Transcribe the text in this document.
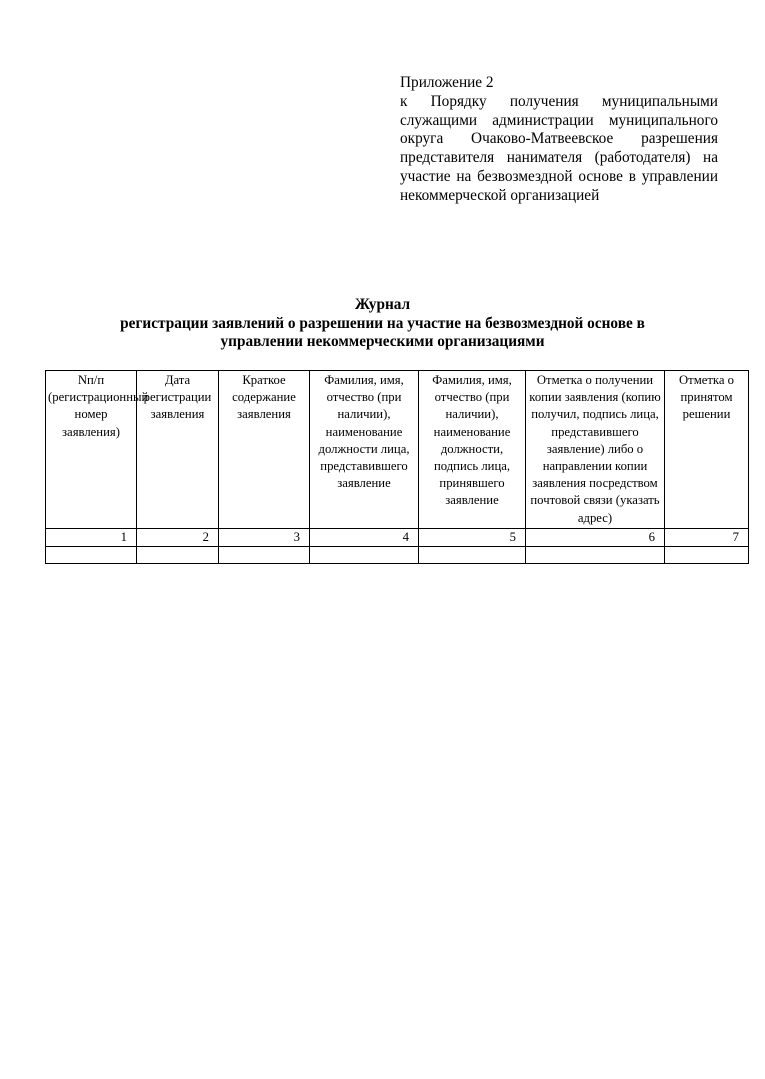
Приложение 2
к Порядку получения муниципальными служащими администрации муниципального округа Очаково-Матвеевское разрешения представителя нанимателя (работодателя) на участие на безвозмездной основе в управлении некоммерческой организацией
Журнал
регистрации заявлений о разрешении на участие на безвозмездной основе в
управлении некоммерческими организациями
Nп/п (регистрационный номер заявления)	Дата регистрации заявления	Краткое содержание заявления	Фамилия, имя, отчество (при наличии), наименование должности лица, представившего заявление	Фамилия, имя, отчество (при наличии), наименование должности, подпись лица, принявшего заявление	Отметка о получении копии заявления (копию получил, подпись лица, представившего заявление) либо о направлении копии заявления посредством почтовой связи (указать адрес)	Отметка о принятом решении
1	2	3	4	5	6	7
